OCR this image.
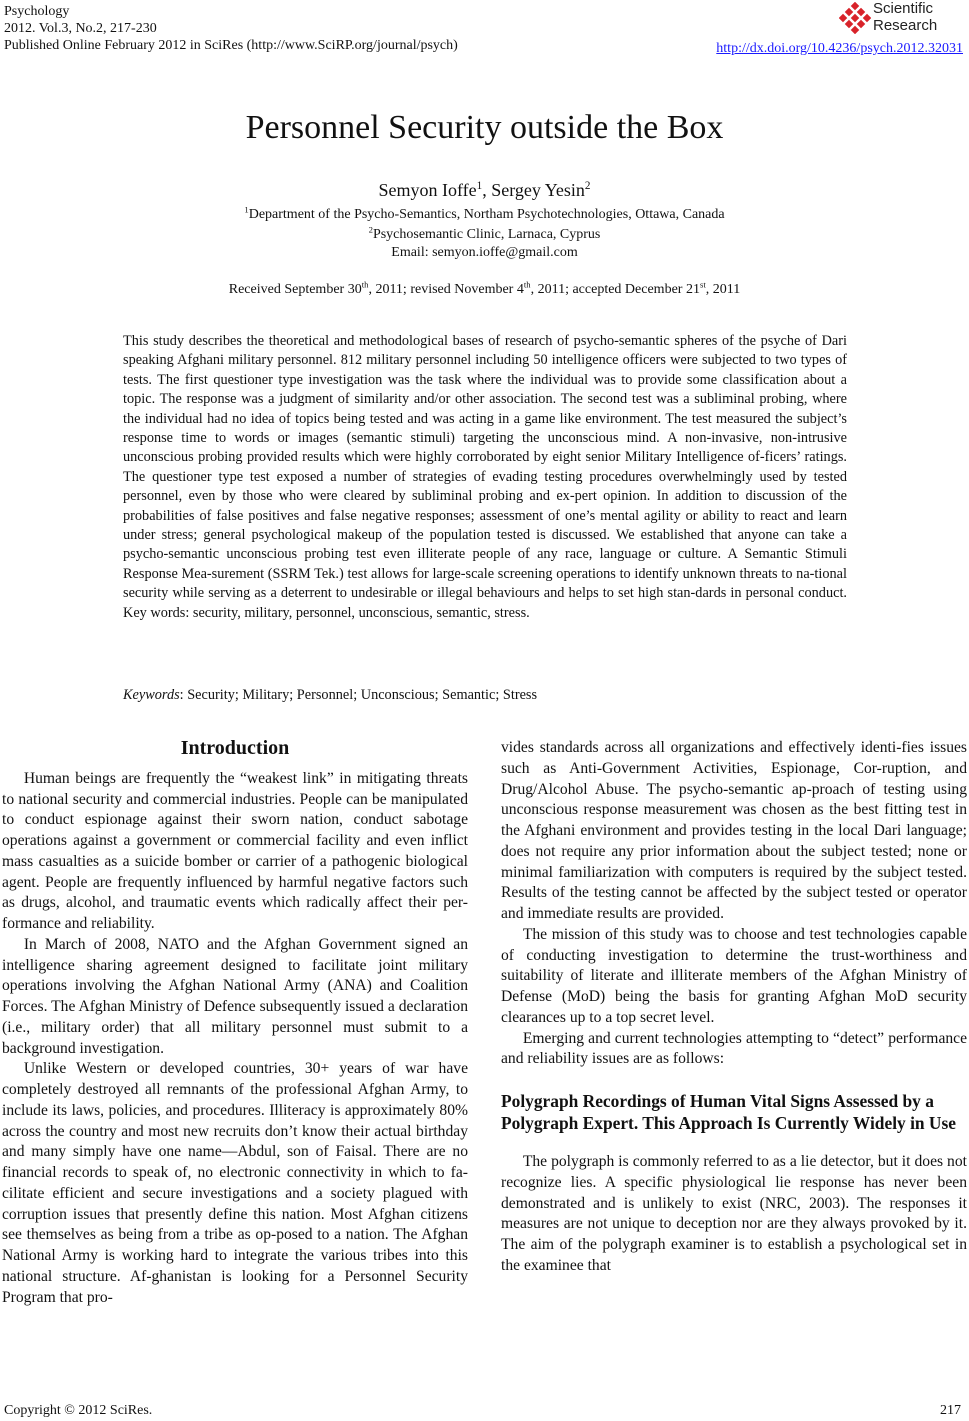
Psychology
2012. Vol.3, No.2, 217-230
Published Online February 2012 in SciRes (http://www.SciRP.org/journal/psych)
Scientific
Research
http://dx.doi.org/10.4236/psych.2012.32031
Personnel Security outside the Box
Semyon Ioffe$^1$, Sergey Yesin$^2$
$^1$Department of the Psycho-Semantics, Northam Psychotechnologies, Ottawa, Canada
$^2$Psychosemantic Clinic, Larnaca, Cyprus
Email: semyon.ioffe@gmail.com
Received September 30th, 2011; revised November 4th, 2011; accepted December 21st, 2011
This study describes the theoretical and methodological bases of research of psycho-semantic spheres of the psyche of Dari speaking Afghani military personnel. 812 military personnel including 50 intelligence officers were subjected to two types of tests. The first questioner type investigation was the task where the individual was to provide some classification about a topic. The response was a judgment of similarity and/or other association. The second test was a subliminal probing, where the individual had no idea of topics being tested and was acting in a game like environment. The test measured the subject’s response time to words or images (semantic stimuli) targeting the unconscious mind. A non-invasive, non-intrusive unconscious probing provided results which were highly corroborated by eight senior Military Intelligence of-ficers’ ratings. The questioner type test exposed a number of strategies of evading testing procedures overwhelmingly used by tested personnel, even by those who were cleared by subliminal probing and ex-pert opinion. In addition to discussion of the probabilities of false positives and false negative responses; assessment of one’s mental agility or ability to react and learn under stress; general psychological makeup of the population tested is discussed. We established that anyone can take a psycho-semantic unconscious probing test even illiterate people of any race, language or culture. A Semantic Stimuli Response Mea-surement (SSRM Tek.) test allows for large-scale screening operations to identify unknown threats to na-tional security while serving as a deterrent to undesirable or illegal behaviours and helps to set high stan-dards in personal conduct. Key words: security, military, personnel, unconscious, semantic, stress.
Keywords: Security; Military; Personnel; Unconscious; Semantic; Stress
Introduction

Human beings are frequently the “weakest link” in mitigating threats to national security and commercial industries. People can be manipulated to conduct espionage against their sworn nation, conduct sabotage operations against a government or commercial facility and even inflict mass casualties as a suicide bomber or carrier of a pathogenic biological agent. People are frequently influenced by harmful negative factors such as drugs, alcohol, and traumatic events which radically affect their per-formance and reliability.

In March of 2008, NATO and the Afghan Government signed an intelligence sharing agreement designed to facilitate joint military operations involving the Afghan National Army (ANA) and Coalition Forces. The Afghan Ministry of Defence subsequently issued a declaration (i.e., military order) that all military personnel must submit to a background investigation.

Unlike Western or developed countries, 30+ years of war have completely destroyed all remnants of the professional Afghan Army, to include its laws, policies, and procedures. Illiteracy is approximately 80% across the country and most new recruits don’t know their actual birthday and many simply have one name—Abdul, son of Faisal. There are no financial records to speak of, no electronic connectivity in which to fa-cilitate efficient and secure investigations and a society plagued with corruption issues that presently define this nation. Most Afghan citizens see themselves as being from a tribe as op-posed to a nation. The Afghan National Army is working hard to integrate the various tribes into this national structure. Af-ghanistan is looking for a Personnel Security Program that pro-

vides standards across all organizations and effectively identi-fies issues such as Anti-Government Activities, Espionage, Cor-ruption, and Drug/Alcohol Abuse. The psycho-semantic ap-proach of testing using unconscious response measurement was chosen as the best fitting test in the Afghani environment and provides testing in the local Dari language; does not require any prior information about the subject tested; none or minimal familiarization with computers is required by the subject tested. Results of the testing cannot be affected by the subject tested or operator and immediate results are provided.

The mission of this study was to choose and test technologies capable of conducting investigation to determine the trust-worthiness and suitability of literate and illiterate members of the Afghan Ministry of Defense (MoD) being the basis for granting Afghan MoD security clearances up to a top secret level.

Emerging and current technologies attempting to “detect” performance and reliability issues are as follows:

Polygraph Recordings of Human Vital Signs Assessed by a Polygraph Expert. This Approach Is Currently Widely in Use

The polygraph is commonly referred to as a lie detector, but it does not recognize lies. A specific physiological lie response has never been demonstrated and is unlikely to exist (NRC, 2003). The responses it measures are not unique to deception nor are they always provoked by it. The aim of the polygraph examiner is to establish a psychological set in the examinee that

Copyright © 2012 SciRes.	217
